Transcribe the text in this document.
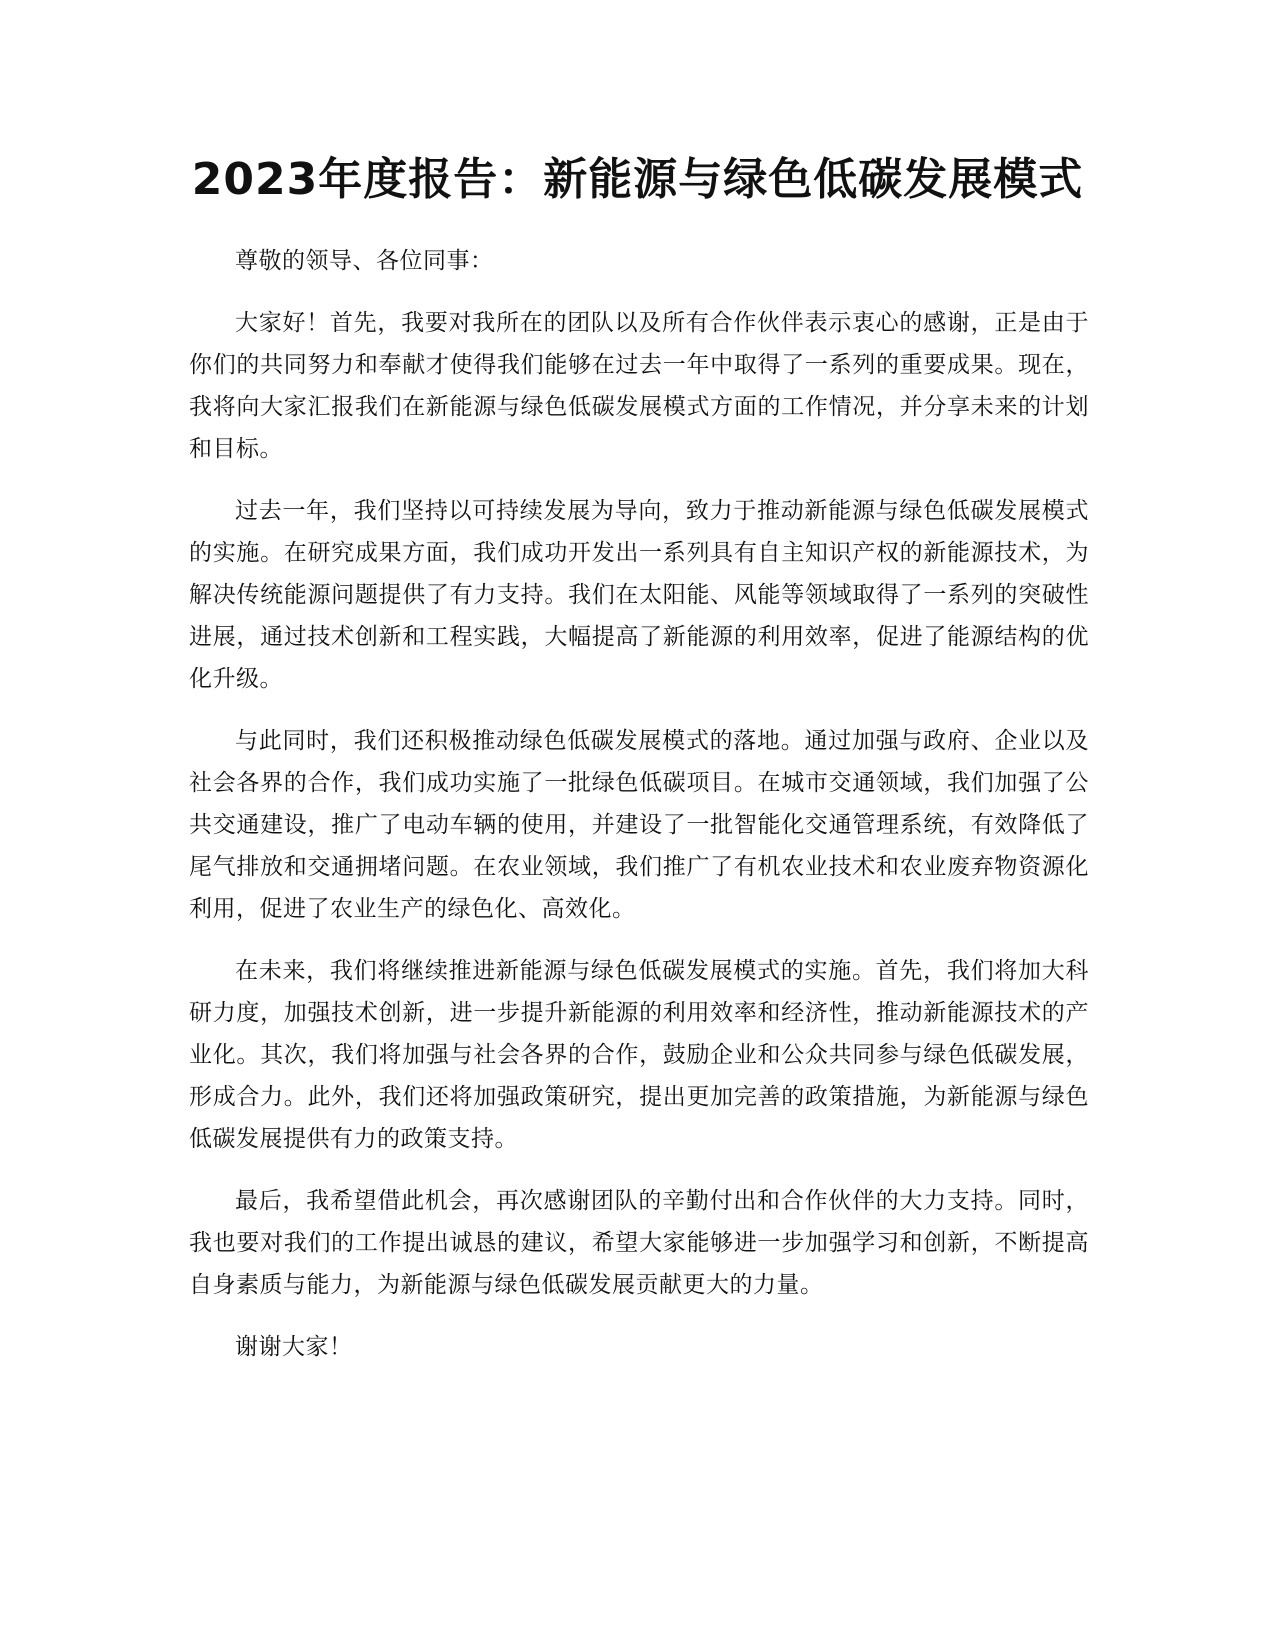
2023年度报告：新能源与绿色低碳发展模式

尊敬的领导、各位同事：

大家好！首先，我要对我所在的团队以及所有合作伙伴表示衷心的感谢，正是由于你们的共同努力和奉献才使得我们能够在过去一年中取得了一系列的重要成果。现在，我将向大家汇报我们在新能源与绿色低碳发展模式方面的工作情况，并分享未来的计划和目标。

过去一年，我们坚持以可持续发展为导向，致力于推动新能源与绿色低碳发展模式的实施。在研究成果方面，我们成功开发出一系列具有自主知识产权的新能源技术，为解决传统能源问题提供了有力支持。我们在太阳能、风能等领域取得了一系列的突破性进展，通过技术创新和工程实践，大幅提高了新能源的利用效率，促进了能源结构的优化升级。

与此同时，我们还积极推动绿色低碳发展模式的落地。通过加强与政府、企业以及社会各界的合作，我们成功实施了一批绿色低碳项目。在城市交通领域，我们加强了公共交通建设，推广了电动车辆的使用，并建设了一批智能化交通管理系统，有效降低了尾气排放和交通拥堵问题。在农业领域，我们推广了有机农业技术和农业废弃物资源化利用，促进了农业生产的绿色化、高效化。

在未来，我们将继续推进新能源与绿色低碳发展模式的实施。首先，我们将加大科研力度，加强技术创新，进一步提升新能源的利用效率和经济性，推动新能源技术的产业化。其次，我们将加强与社会各界的合作，鼓励企业和公众共同参与绿色低碳发展，形成合力。此外，我们还将加强政策研究，提出更加完善的政策措施，为新能源与绿色低碳发展提供有力的政策支持。

最后，我希望借此机会，再次感谢团队的辛勤付出和合作伙伴的大力支持。同时，我也要对我们的工作提出诚恳的建议，希望大家能够进一步加强学习和创新，不断提高自身素质与能力，为新能源与绿色低碳发展贡献更大的力量。

谢谢大家！
